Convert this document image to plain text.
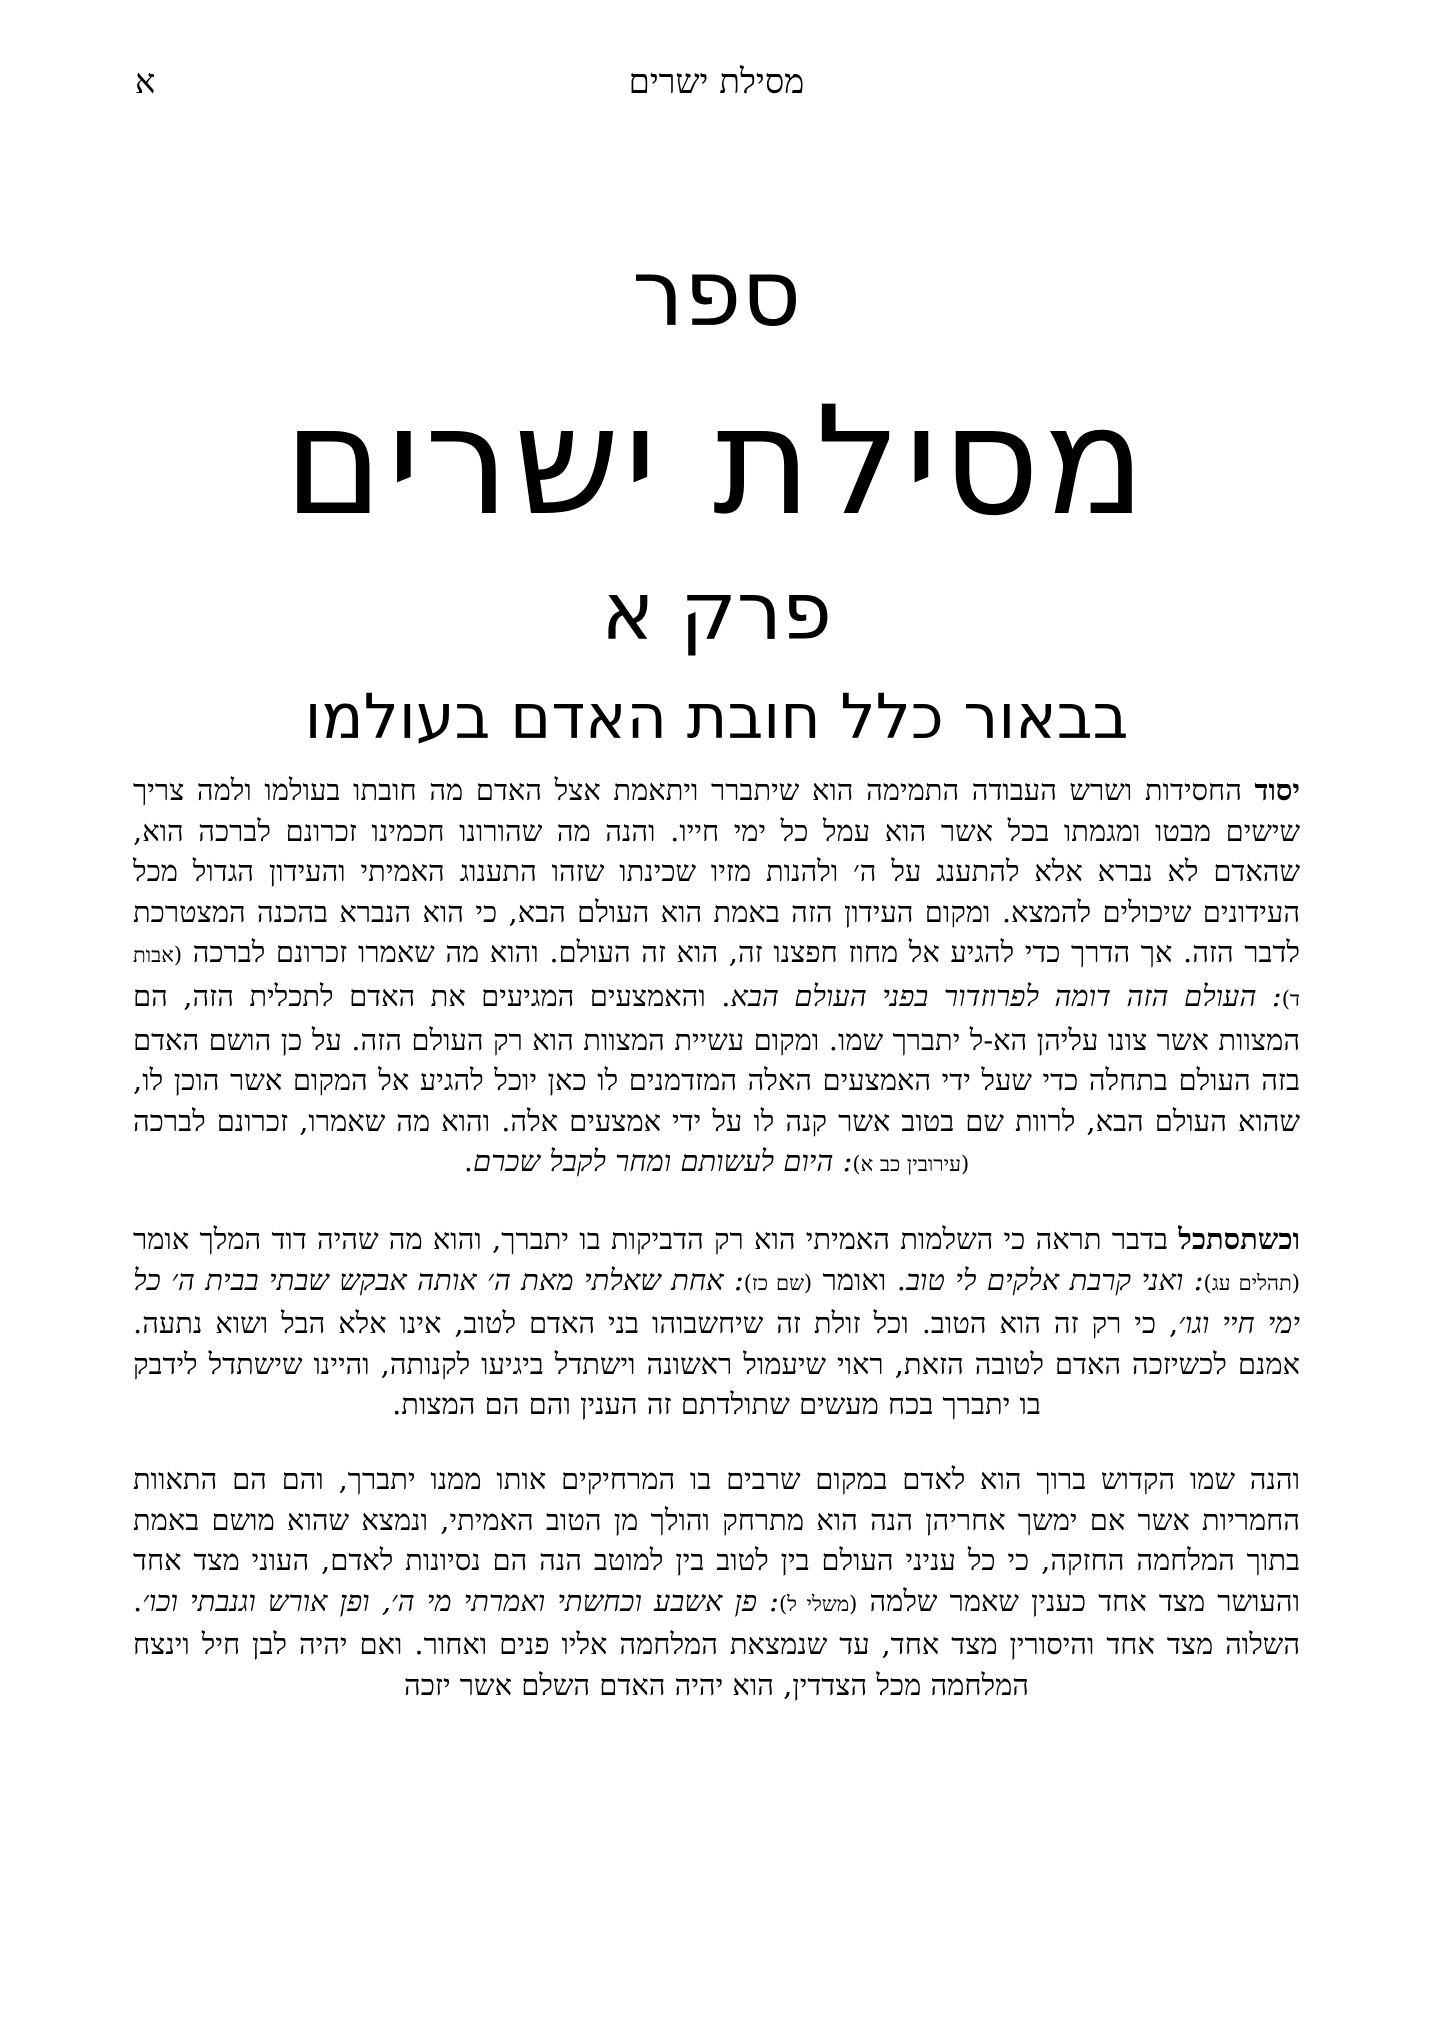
מסילת ישרים
א
ספר
מסילת ישרים
פרק א
בבאור כלל חובת האדם בעולמו

יסוד החסידות ושרש העבודה התמימה הוא שיתברר ויתאמת אצל האדם מה חובתו בעולמו ולמה צריך שישים מבטו ומגמתו בכל אשר הוא עמל כל ימי חייו. והנה מה שהורונו חכמינו זכרונם לברכה הוא, שהאדם לא נברא אלא להתענג על ה׳ ולהנות מזיו שכינתו שזהו התענוג האמיתי והעידון הגדול מכל העידונים שיכולים להמצא. ומקום העידון הזה באמת הוא העולם הבא, כי הוא הנברא בהכנה המצטרכת לדבר הזה. אך הדרך כדי להגיע אל מחוז חפצנו זה, הוא זה העולם. והוא מה שאמרו זכרונם לברכה (אבות ד): העולם הזה דומה לפרוזדור בפני העולם הבא. והאמצעים המגיעים את האדם לתכלית הזה, הם המצוות אשר צונו עליהן הא-ל יתברך שמו. ומקום עשיית המצוות הוא רק העולם הזה. על כן הושם האדם בזה העולם בתחלה כדי שעל ידי האמצעים האלה המזדמנים לו כאן יוכל להגיע אל המקום אשר הוכן לו, שהוא העולם הבא, לרוות שם בטוב אשר קנה לו על ידי אמצעים אלה. והוא מה שאמרו, זכרונם לברכה (עירובין כב א): היום לעשותם ומחר לקבל שכרם.

וכשתסתכל בדבר תראה כי השלמות האמיתי הוא רק הדביקות בו יתברך, והוא מה שהיה דוד המלך אומר (תהלים עג): ואני קרבת אלקים לי טוב. ואומר (שם כז): אחת שאלתי מאת ה׳ אותה אבקש שבתי בבית ה׳ כל ימי חיי וגו׳, כי רק זה הוא הטוב. וכל זולת זה שיחשבוהו בני האדם לטוב, אינו אלא הבל ושוא נתעה. אמנם לכשיזכה האדם לטובה הזאת, ראוי שיעמול ראשונה וישתדל ביגיעו לקנותה, והיינו שישתדל לידבק בו יתברך בכח מעשים שתולדתם זה הענין והם הם המצות.

והנה שמו הקדוש ברוך הוא לאדם במקום שרבים בו המרחיקים אותו ממנו יתברך, והם הם התאוות החמריות אשר אם ימשך אחריהן הנה הוא מתרחק והולך מן הטוב האמיתי, ונמצא שהוא מושם באמת בתוך המלחמה החזקה, כי כל עניני העולם בין לטוב בין למוטב הנה הם נסיונות לאדם, העוני מצד אחד והעושר מצד אחד כענין שאמר שלמה (משלי ל): פן אשבע וכחשתי ואמרתי מי ה׳, ופן אורש וגנבתי וכו׳. השלוה מצד אחד והיסורין מצד אחד, עד שנמצאת המלחמה אליו פנים ואחור. ואם יהיה לבן חיל וינצח המלחמה מכל הצדדין, הוא יהיה האדם השלם אשר יזכה
